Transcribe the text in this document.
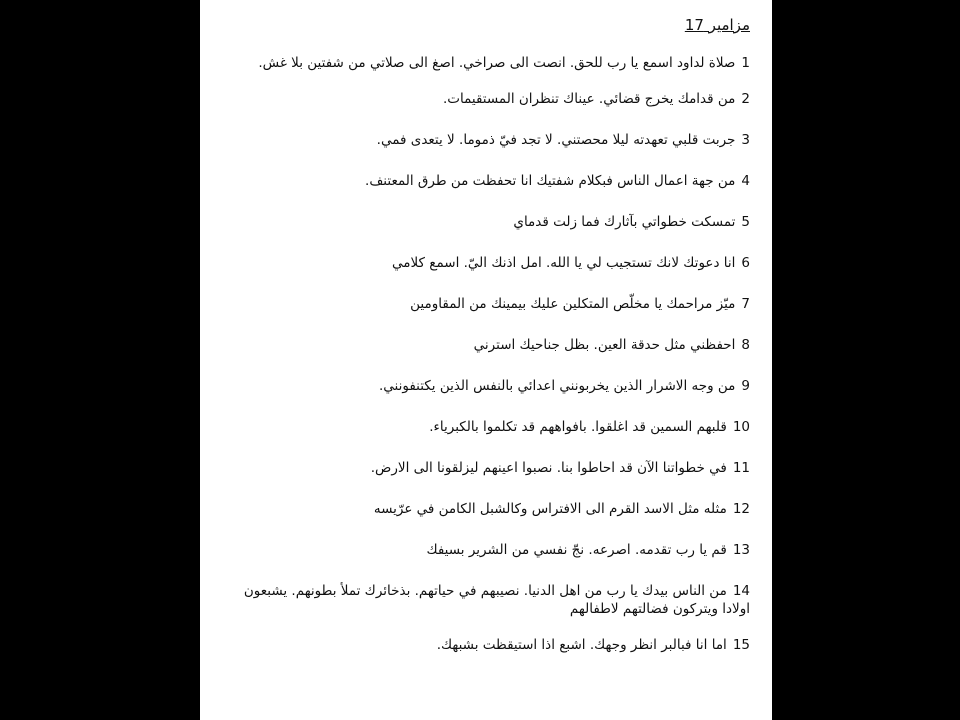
مزامير 17
1صلاة لداود اسمع يا رب للحق. انصت الى صراخي. اصغ الى صلاتي من شفتين بلا غش.
2من قدامك يخرج قضائي. عيناك تنظران المستقيمات.
3جربت قلبي تعهدته ليلا محصتني. لا تجد فيّ ذموما. لا يتعدى فمي.
4من جهة اعمال الناس فبكلام شفتيك انا تحفظت من طرق المعتنف.
5تمسكت خطواتي بآثارك فما زلت قدماي
6انا دعوتك لانك تستجيب لي يا الله. امل اذنك اليّ. اسمع كلامي
7ميّز مراحمك يا مخلّص المتكلين عليك بيمينك من المقاومين
8احفظني مثل حدقة العين. بظل جناحيك استرني
9من وجه الاشرار الذين يخربونني اعدائي بالنفس الذين يكتنفونني.
10قلبهم السمين قد اغلقوا. بافواههم قد تكلموا بالكبرياء.
11في خطواتنا الآن قد احاطوا بنا. نصبوا اعينهم ليزلقونا الى الارض.
12مثله مثل الاسد القرم الى الافتراس وكالشبل الكامن في عرّيسه
13قم يا رب تقدمه. اصرعه. نجّ نفسي من الشرير بسيفك
14من الناس بيدك يا رب من اهل الدنيا. نصيبهم في حياتهم. بذخائرك تملأ بطونهم. يشبعون اولادا ويتركون فضالتهم لاطفالهم
15اما انا فبالبر انظر وجهك. اشبع اذا استيقظت بشبهك.
